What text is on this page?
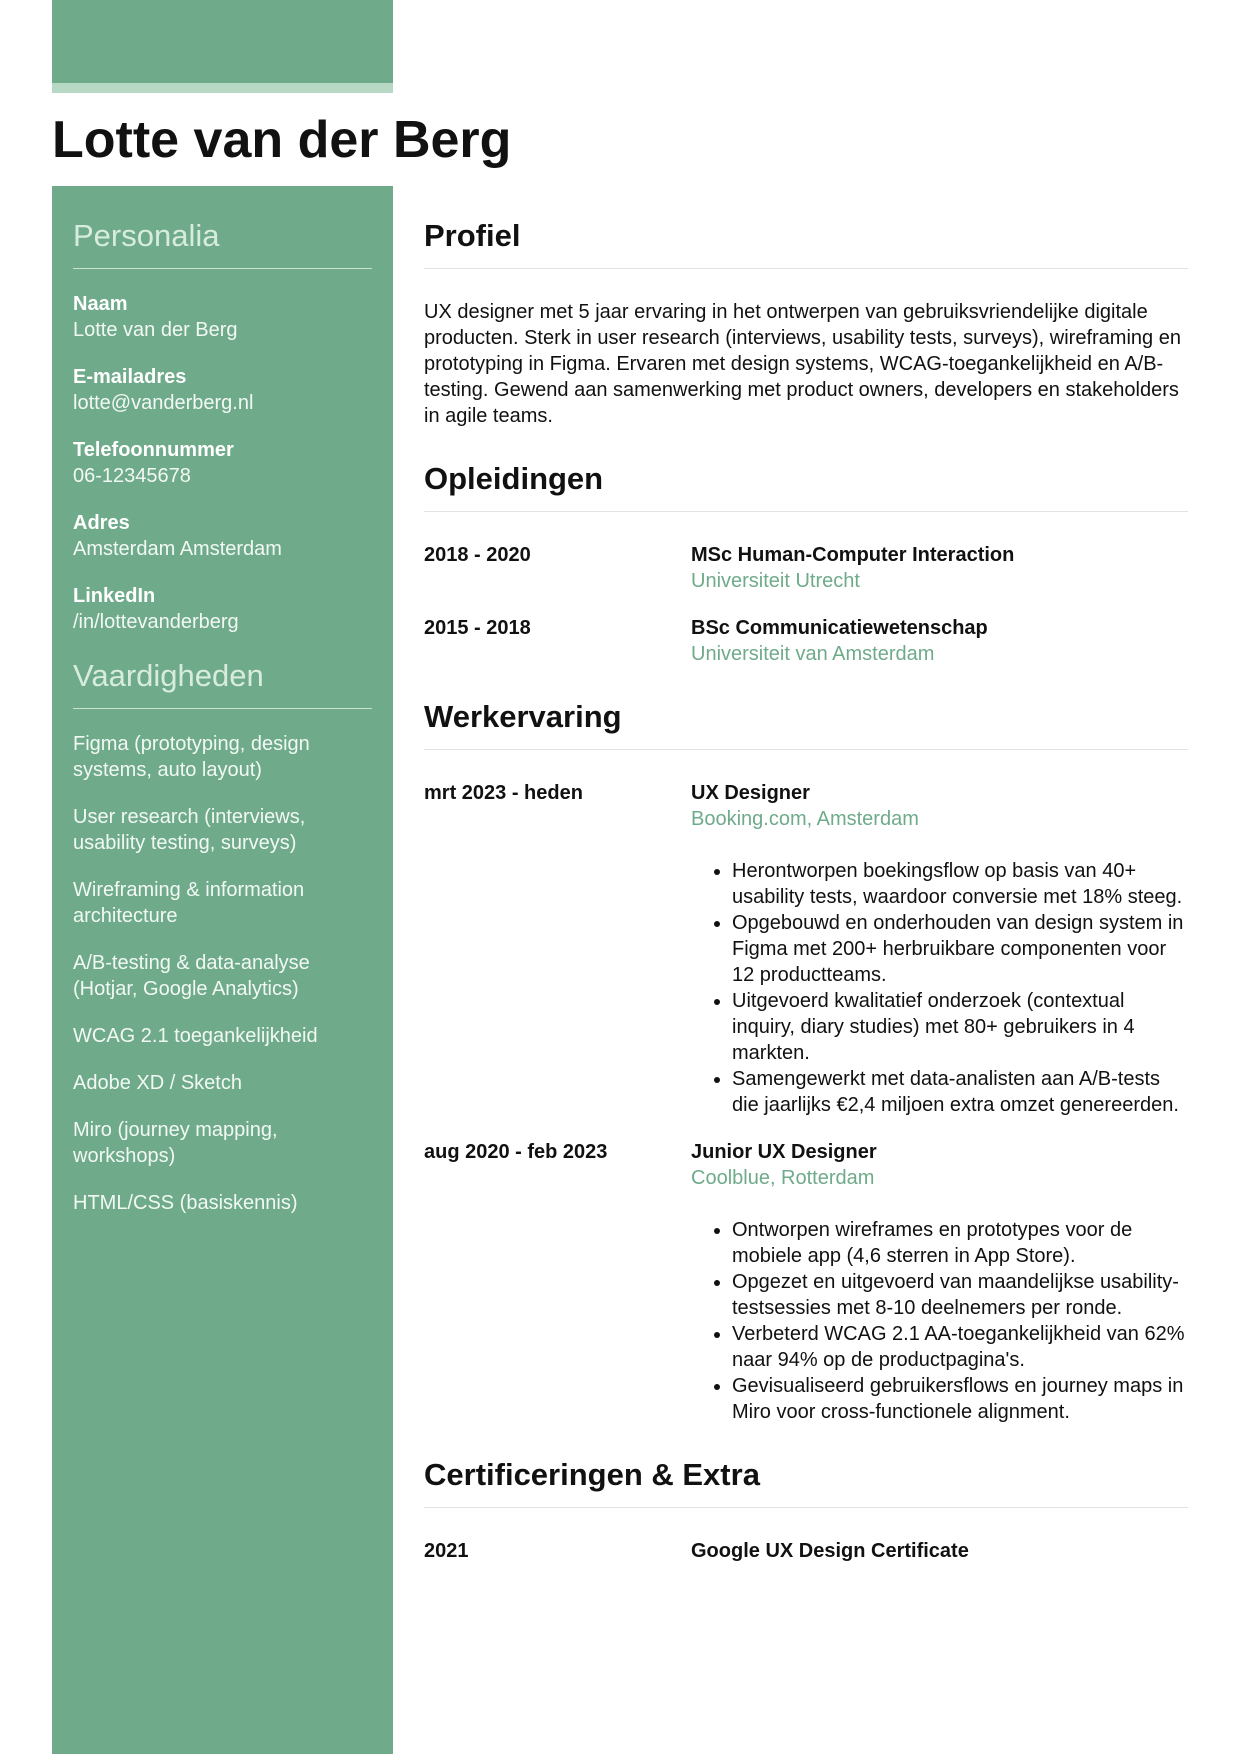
Lotte van der Berg
Personalia
Naam
Lotte van der Berg
E-mailadres
lotte@vanderberg.nl
Telefoonnummer
06-12345678
Adres
Amsterdam Amsterdam
LinkedIn
/in/lottevanderberg
Vaardigheden
Figma (prototyping, design systems, auto layout)
User research (interviews, usability testing, surveys)
Wireframing & information architecture
A/B-testing & data-analyse (Hotjar, Google Analytics)
WCAG 2.1 toegankelijkheid
Adobe XD / Sketch
Miro (journey mapping, workshops)
HTML/CSS (basiskennis)
Profiel

UX designer met 5 jaar ervaring in het ontwerpen van gebruiksvriendelijke digitale producten. Sterk in user research (interviews, usability tests, surveys), wireframing en prototyping in Figma. Ervaren met design systems, WCAG-toegankelijkheid en A/B-testing. Gewend aan samenwerking met product owners, developers en stakeholders in agile teams.

Opleidingen
2018 - 2020	MSc Human-Computer Interaction
Universiteit Utrecht
2015 - 2018	BSc Communicatiewetenschap
Universiteit van Amsterdam
Werkervaring
mrt 2023 - heden	UX Designer
Booking.com, Amsterdam
• Herontworpen boekingsflow op basis van 40+ usability tests, waardoor conversie met 18% steeg.
• Opgebouwd en onderhouden van design system in Figma met 200+ herbruikbare componenten voor 12 productteams.
• Uitgevoerd kwalitatief onderzoek (contextual inquiry, diary studies) met 80+ gebruikers in 4 markten.
• Samengewerkt met data-analisten aan A/B-tests die jaarlijks €2,4 miljoen extra omzet genereerden.
aug 2020 - feb 2023	Junior UX Designer
Coolblue, Rotterdam
• Ontworpen wireframes en prototypes voor de mobiele app (4,6 sterren in App Store).
• Opgezet en uitgevoerd van maandelijkse usability-testsessies met 8-10 deelnemers per ronde.
• Verbeterd WCAG 2.1 AA-toegankelijkheid van 62% naar 94% op de productpagina's.
• Gevisualiseerd gebruikersflows en journey maps in Miro voor cross-functionele alignment.
Certificeringen & Extra
2021	Google UX Design Certificate
